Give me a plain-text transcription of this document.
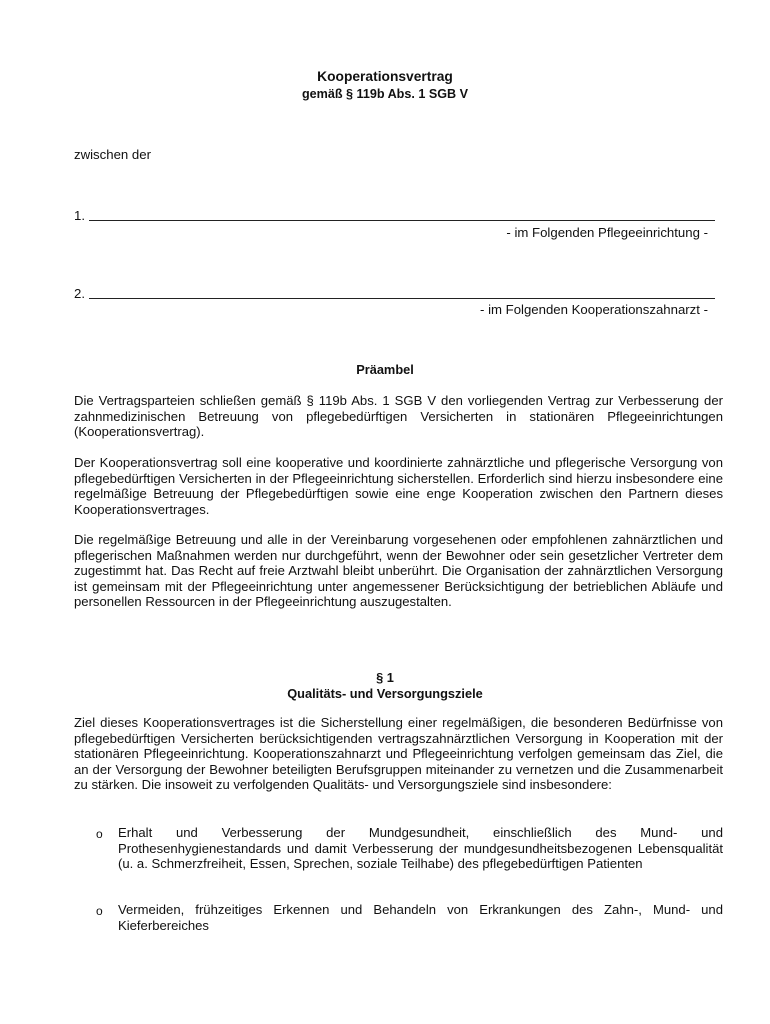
Kooperationsvertrag
gemäß § 119b Abs. 1 SGB V
zwischen der
1.
- im Folgenden Pflegeeinrichtung -
2.
- im Folgenden Kooperationszahnarzt -
Präambel

Die Vertragsparteien schließen gemäß § 119b Abs. 1 SGB V den vorliegenden Vertrag zur Verbesserung der zahnmedizinischen Betreuung von pflegebedürftigen Versicherten in stationären Pflegeeinrichtungen (Kooperationsvertrag).

Der Kooperationsvertrag soll eine kooperative und koordinierte zahnärztliche und pflegerische Versorgung von pflegebedürftigen Versicherten in der Pflegeeinrichtung sicherstellen. Erforderlich sind hierzu insbesondere eine regelmäßige Betreuung der Pflegebedürftigen sowie eine enge Kooperation zwischen den Partnern dieses Kooperationsvertrages.

Die regelmäßige Betreuung und alle in der Vereinbarung vorgesehenen oder empfohlenen zahnärztlichen und pflegerischen Maßnahmen werden nur durchgeführt, wenn der Bewohner oder sein gesetzlicher Vertreter dem zugestimmt hat. Das Recht auf freie Arztwahl bleibt unberührt. Die Organisation der zahnärztlichen Versorgung ist gemeinsam mit der Pflegeeinrichtung unter angemessener Berücksichtigung der betrieblichen Abläufe und personellen Ressourcen in der Pflegeeinrichtung auszugestalten.

§ 1
Qualitäts- und Versorgungsziele

Ziel dieses Kooperationsvertrages ist die Sicherstellung einer regelmäßigen, die besonderen Bedürfnisse von pflegebedürftigen Versicherten berücksichtigenden vertragszahnärztlichen Versorgung in Kooperation mit der stationären Pflegeeinrichtung. Kooperationszahnarzt und Pflegeeinrichtung verfolgen gemeinsam das Ziel, die an der Versorgung der Bewohner beteiligten Berufsgruppen miteinander zu vernetzen und die Zusammenarbeit zu stärken. Die insoweit zu verfolgenden Qualitäts- und Versorgungsziele sind insbesondere:

o Erhalt und Verbesserung der Mundgesundheit, einschließlich des Mund- und Prothesenhygienestandards und damit Verbesserung der mundgesundheitsbezogenen Lebensqualität (u. a. Schmerzfreiheit, Essen, Sprechen, soziale Teilhabe) des pflegebedürftigen Patienten

o Vermeiden, frühzeitiges Erkennen und Behandeln von Erkrankungen des Zahn-, Mund- und Kieferbereiches
